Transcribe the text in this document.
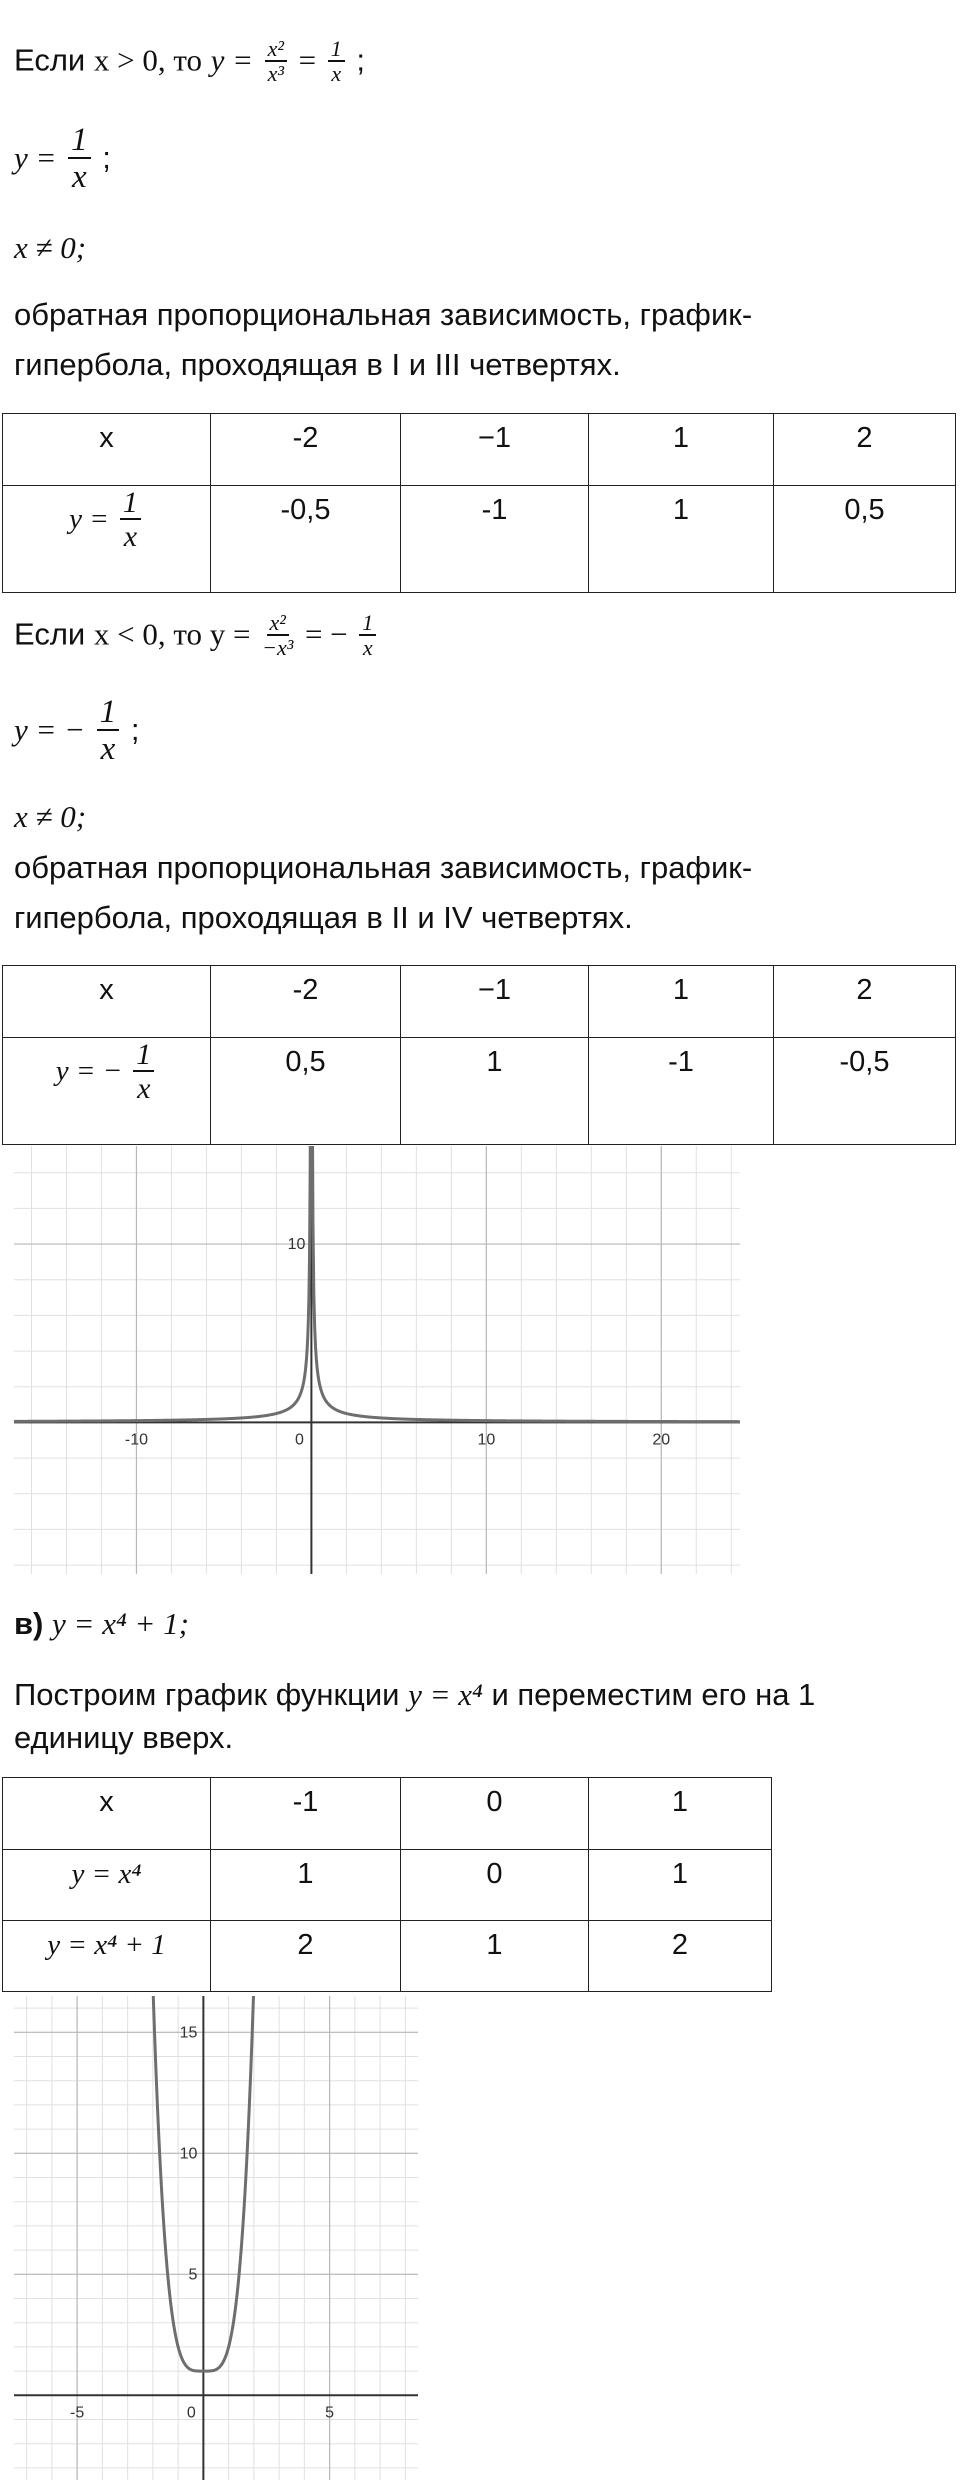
Если x > 0, то $y = \frac{\text{x²}}{\text{x³}} = \frac{1}{x}$ ;
$y = \frac{1}{x}$ ;
x ≠ 0;
обратная пропорциональная зависимость, график-
гипербола, проходящая в I и III четвертях.
x	-2	−1	1	2
$y = \frac{1}{x}$	-0,5	-1	1	0,5
Если x < 0, то $y = \frac{\text{x²}}{\text{−x³}}$ = − $\frac{1}{x}$
y = − $\frac{1}{x}$ ;
x ≠ 0;
обратная пропорциональная зависимость, график-
гипербола, проходящая в II и IV четвертях.
x	-2	−1	1	2
y = − $\frac{1}{x}$	0,5	1	-1	-0,5
-10	0	10	20
10
в) y = x⁴ + 1;
Построим график функции y = x⁴ и переместим его на 1
единицу вверх.
x	-1	0	1
y = x⁴	1	0	1
y = x⁴ + 1	2	1	2
-5	0	5
5
10
15
